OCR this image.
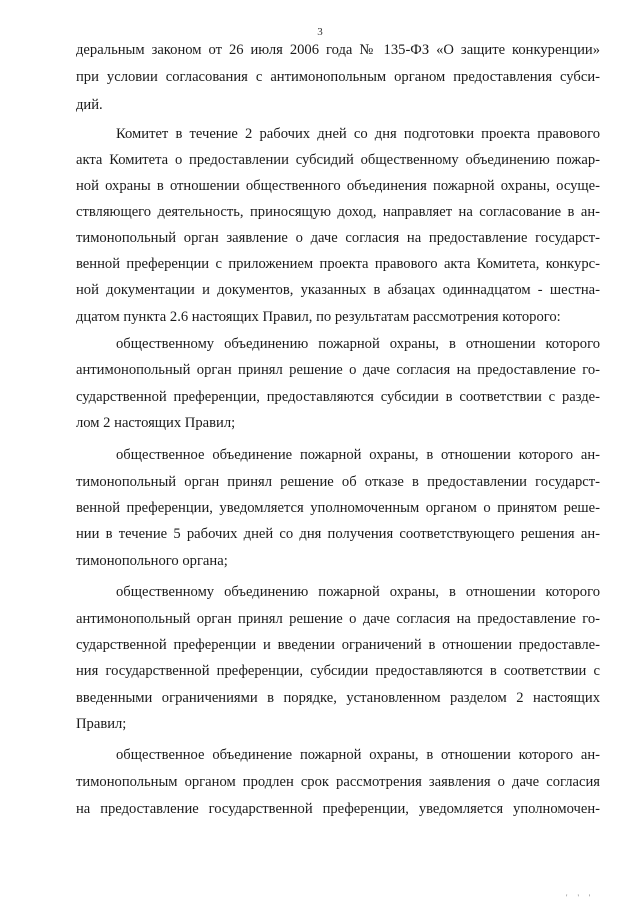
3
деральным законом от 26 июля 2006 года № 135-ФЗ «О защите конкуренции»
при условии согласования с антимонопольным органом предоставления субси-
дий.
Комитет в течение 2 рабочих дней со дня подготовки проекта правового
акта Комитета о предоставлении субсидий общественному объединению пожар-
ной охраны в отношении общественного объединения пожарной охраны, осуще-
ствляющего деятельность, приносящую доход, направляет на согласование в ан-
тимонопольный орган заявление о даче согласия на предоставление государст-
венной преференции с приложением проекта правового акта Комитета, конкурс-
ной документации и документов, указанных в абзацах одиннадцатом - шестна-
дцатом пункта 2.6 настоящих Правил, по результатам рассмотрения которого:
общественному объединению пожарной охраны, в отношении которого
антимонопольный орган принял решение о даче согласия на предоставление го-
сударственной преференции, предоставляются субсидии в соответствии с разде-
лом 2 настоящих Правил;
общественное объединение пожарной охраны, в отношении которого ан-
тимонопольный орган принял решение об отказе в предоставлении государст-
венной преференции, уведомляется уполномоченным органом о принятом реше-
нии в течение 5 рабочих дней со дня получения соответствующего решения ан-
тимонопольного органа;
общественному объединению пожарной охраны, в отношении которого
антимонопольный орган принял решение о даче согласия на предоставление го-
сударственной преференции и введении ограничений в отношении предоставле-
ния государственной преференции, субсидии предоставляются в соответствии с
введенными ограничениями в порядке, установленном разделом 2 настоящих
Правил;
общественное объединение пожарной охраны, в отношении которого ан-
тимонопольным органом продлен срок рассмотрения заявления о даче согласия
на предоставление государственной преференции, уведомляется уполномочен-
' ' '
